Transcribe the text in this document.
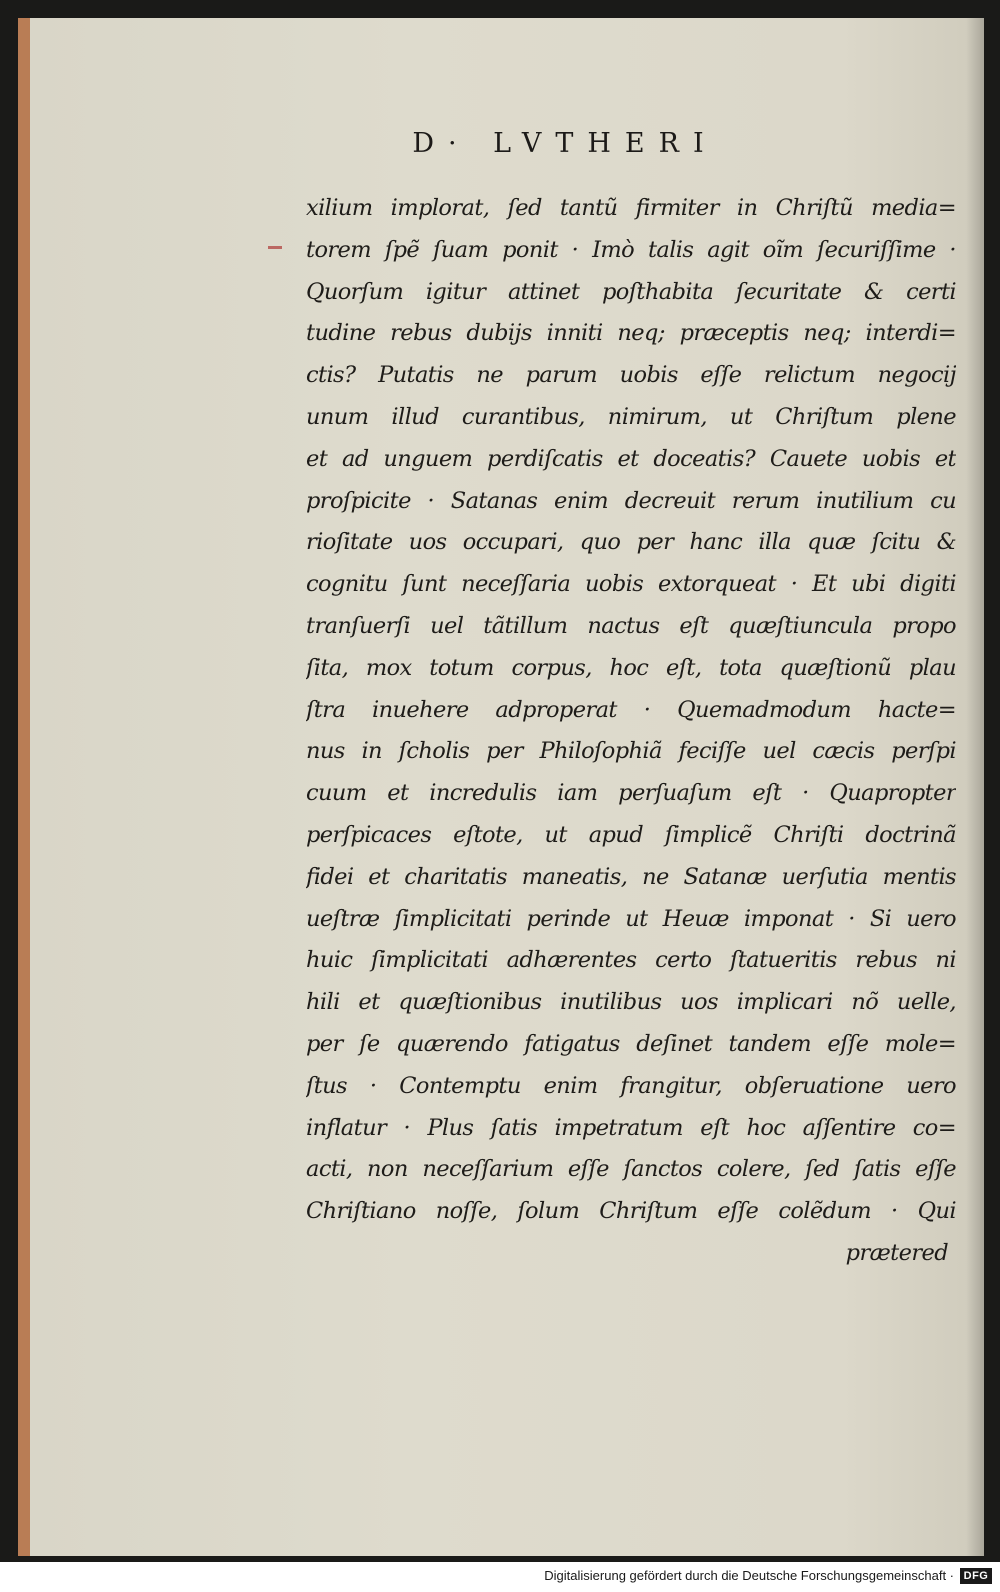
D· LVTHERI
xilium implorat, ſed tantũ firmiter in Chriſtũ media=
torem ſpẽ ſuam ponit · Imò talis agit oĩm ſecuriſſime ·
Quorſum igitur attinet poſthabita ſecuritate & certi
tudine rebus dubijs inniti neq; præceptis neq; interdi=
ctis? Putatis ne parum uobis eſſe relictum negocij
unum illud curantibus, nimirum, ut Chriſtum plene
et ad unguem perdiſcatis et doceatis? Cauete uobis et
proſpicite · Satanas enim decreuit rerum inutilium cu
rioſitate uos occupari, quo per hanc illa quæ ſcitu &
cognitu ſunt neceſſaria uobis extorqueat · Et ubi digiti
tranſuerſi uel tãtillum nactus eſt quæſtiuncula propo
ſita, mox totum corpus, hoc eſt, tota quæſtionũ plau
ſtra inuehere adproperat · Quemadmodum hacte=
nus in ſcholis per Philoſophiã feciſſe uel cæcis perſpi
cuum et incredulis iam perſuaſum eſt · Quapropter
perſpicaces eſtote, ut apud ſimplicẽ Chriſti doctrinã
fidei et charitatis maneatis, ne Satanæ uerſutia mentis
ueſtræ ſimplicitati perinde ut Heuæ imponat · Si uero
huic ſimplicitati adhærentes certo ſtatueritis rebus ni
hili et quæſtionibus inutilibus uos implicari nõ uelle,
per ſe quærendo fatigatus deſinet tandem eſſe mole=
ſtus · Contemptu enim frangitur, obſeruatione uero
inflatur · Plus ſatis impetratum eſt hoc aſſentire co=
acti, non neceſſarium eſſe ſanctos colere, ſed ſatis eſſe
Chriſtiano noſſe, ſolum Chriſtum eſſe colẽdum · Qui
prætered
Digitalisierung gefördert durch die Deutsche Forschungsgemeinschaft · DFG
